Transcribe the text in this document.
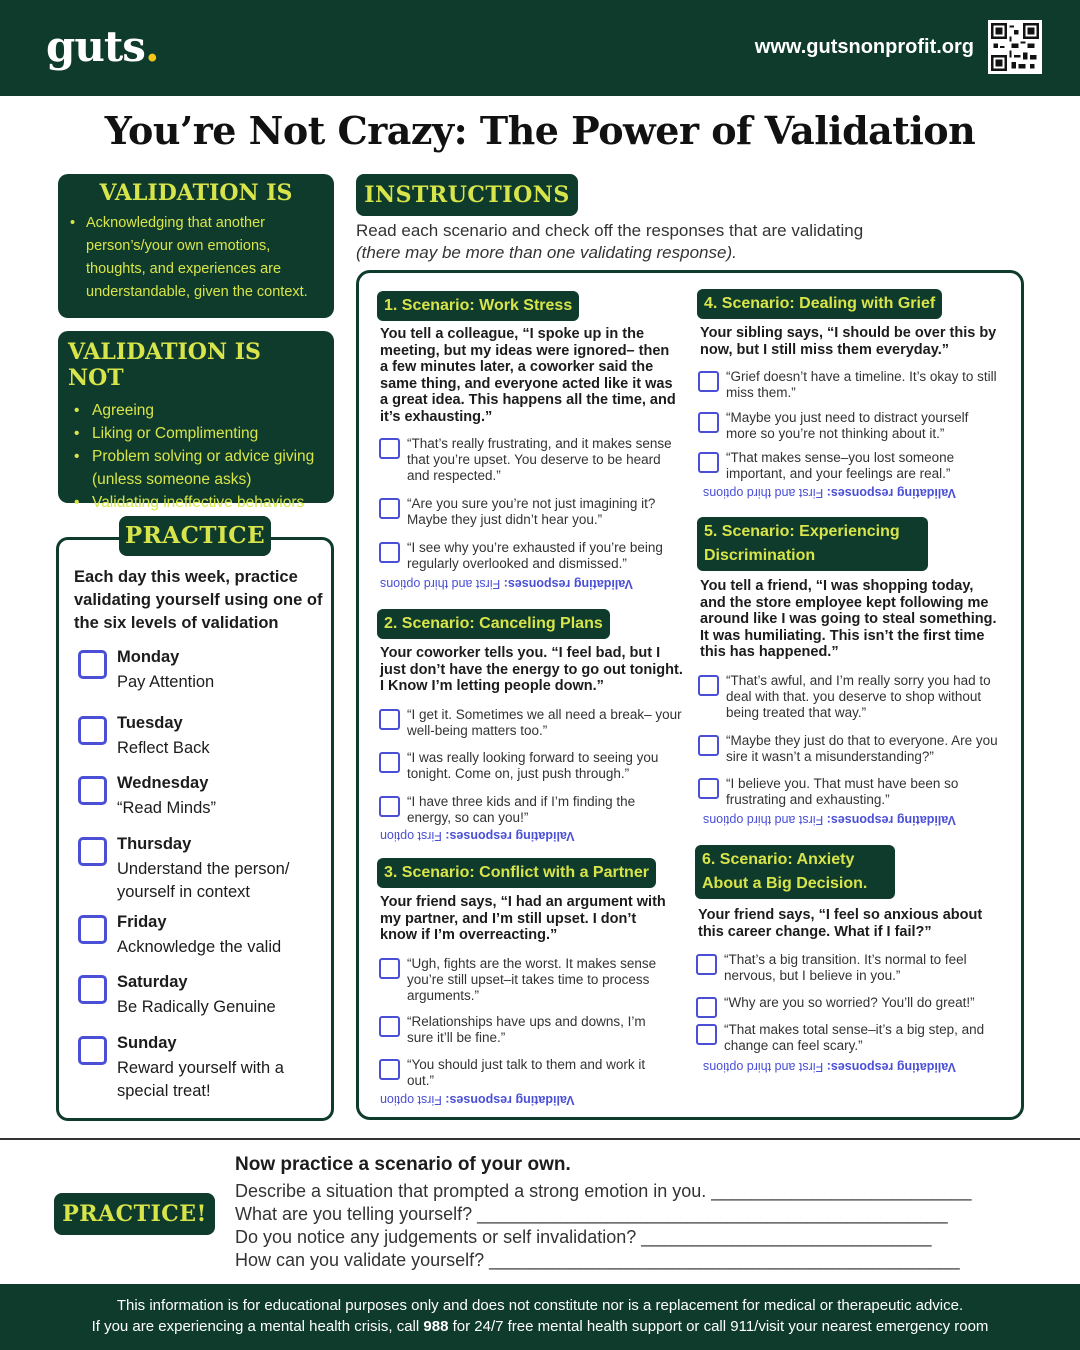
guts.	www.gutsnonprofit.org
You’re Not Crazy: The Power of Validation
VALIDATION IS
• Acknowledging that another person’s/your own emotions, thoughts, and experiences are understandable, given the context.
VALIDATION IS NOT
• Agreeing
• Liking or Complimenting
• Problem solving or advice giving (unless someone asks)
• Validating ineffective behaviors
PRACTICE
Each day this week, practice validating yourself using one of the six levels of validation
Monday
Pay Attention
Tuesday
Reflect Back
Wednesday
“Read Minds”
Thursday
Understand the person/ yourself in context
Friday
Acknowledge the valid
Saturday
Be Radically Genuine
Sunday
Reward yourself with a special treat!
INSTRUCTIONS
Read each scenario and check off the responses that are validating
(there may be more than one validating response).
1. Scenario: Work Stress
You tell a colleague, “I spoke up in the meeting, but my ideas were ignored– then a few minutes later, a coworker said the same thing, and everyone acted like it was a great idea. This happens all the time, and it’s exhausting.”
“That’s really frustrating, and it makes sense that you’re upset. You deserve to be heard and respected.”
“Are you sure you’re not just imagining it? Maybe they just didn’t hear you.”
“I see why you’re exhausted if you’re being regularly overlooked and dismissed.”
Validating responses: First and third options
2. Scenario: Canceling Plans
Your coworker tells you. “I feel bad, but I just don’t have the energy to go out tonight. I Know I’m letting people down.”
“I get it. Sometimes we all need a break– your well-being matters too.”
“I was really looking forward to seeing you tonight. Come on, just push through.”
“I have three kids and if I’m finding the energy, so can you!”
Validating responses: First option
3. Scenario: Conflict with a Partner
Your friend says, “I had an argument with my partner, and I’m still upset. I don’t know if I’m overreacting.”
“Ugh, fights are the worst. It makes sense you’re still upset–it takes time to process arguments.”
“Relationships have ups and downs, I’m sure it’ll be fine.”
“You should just talk to them and work it out.”
Validating responses: First option
4. Scenario: Dealing with Grief
Your sibling says, “I should be over this by now, but I still miss them everyday.”
“Grief doesn’t have a timeline. It’s okay to still miss them.”
“Maybe you just need to distract yourself more so you’re not thinking about it.”
“That makes sense–you lost someone important, and your feelings are real.”
Validating responses: First and third options
5. Scenario: Experiencing Discrimination
You tell a friend, “I was shopping today, and the store employee kept following me around like I was going to steal something. It was humiliating. This isn’t the first time this has happened.”
“That’s awful, and I’m really sorry you had to deal with that. you deserve to shop without being treated that way.”
“Maybe they just do that to everyone. Are you sire it wasn’t a misunderstanding?”
“I believe you. That must have been so frustrating and exhausting.”
Validating responses: First and third options
6. Scenario: Anxiety About a Big Decision.
Your friend says, “I feel so anxious about this career change. What if I fail?”
“That’s a big transition. It’s normal to feel nervous, but I believe in you.”
“Why are you so worried? You’ll do great!”
“That makes total sense–it’s a big step, and change can feel scary.”
Validating responses: First and third options
PRACTICE!
Now practice a scenario of your own.
Describe a situation that prompted a strong emotion in you. __________________________
What are you telling yourself? _______________________________________________
Do you notice any judgements or self invalidation? _____________________________
How can you validate yourself? _______________________________________________
This information is for educational purposes only and does not constitute nor is a replacement for medical or therapeutic advice.
If you are experiencing a mental health crisis, call 988 for 24/7 free mental health support or call 911/visit your nearest emergency room
